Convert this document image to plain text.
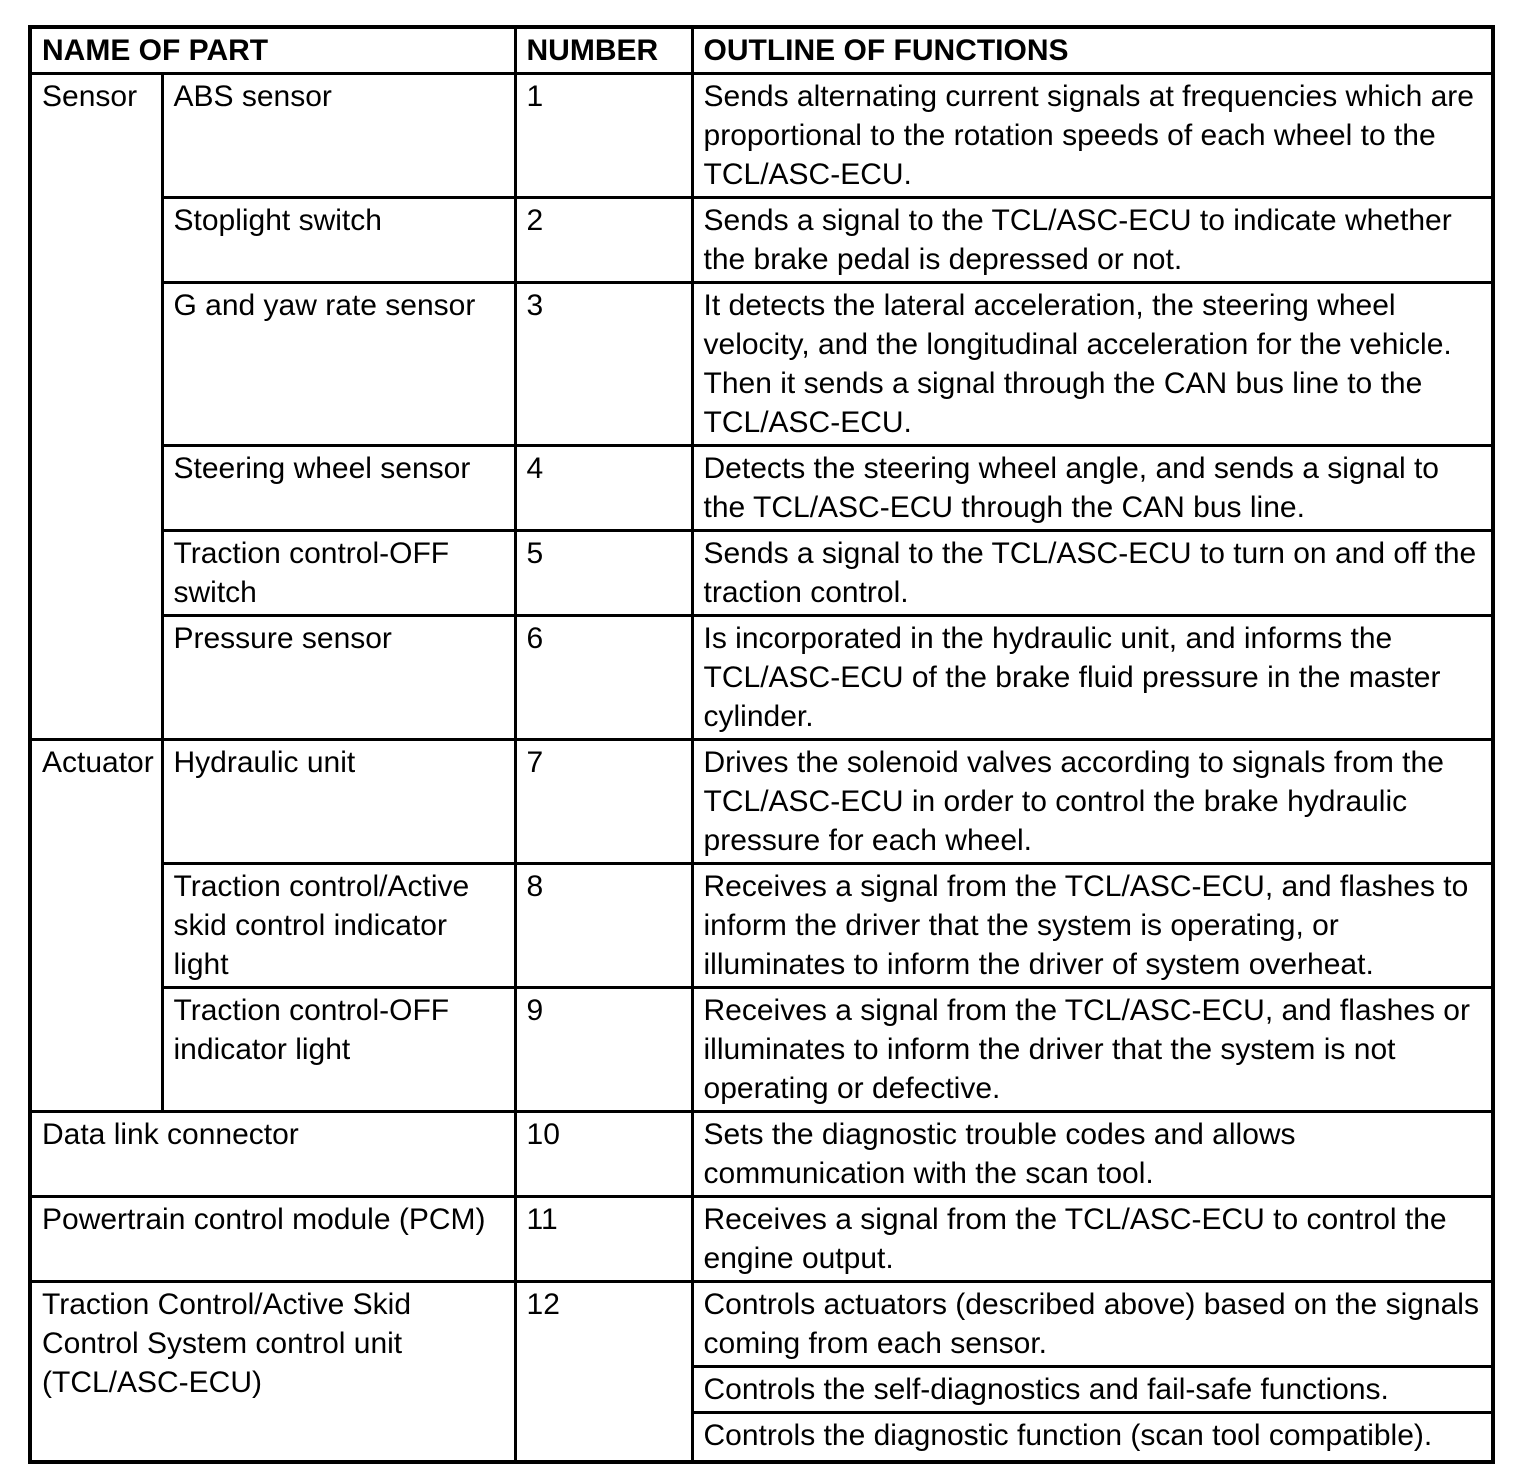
NAME OF PART		NUMBER	OUTLINE OF FUNCTIONS
Sensor	ABS sensor	1	Sends alternating current signals at frequencies which are proportional to the rotation speeds of each wheel to the TCL/ASC-ECU.
	Stoplight switch	2	Sends a signal to the TCL/ASC-ECU to indicate whether the brake pedal is depressed or not.
	G and yaw rate sensor	3	It detects the lateral acceleration, the steering wheel velocity, and the longitudinal acceleration for the vehicle. Then it sends a signal through the CAN bus line to the TCL/ASC-ECU.
	Steering wheel sensor	4	Detects the steering wheel angle, and sends a signal to the TCL/ASC-ECU through the CAN bus line.
	Traction control-OFF switch	5	Sends a signal to the TCL/ASC-ECU to turn on and off the traction control.
	Pressure sensor	6	Is incorporated in the hydraulic unit, and informs the TCL/ASC-ECU of the brake fluid pressure in the master cylinder.
Actuator	Hydraulic unit	7	Drives the solenoid valves according to signals from the TCL/ASC-ECU in order to control the brake hydraulic pressure for each wheel.
	Traction control/Active skid control indicator light	8	Receives a signal from the TCL/ASC-ECU, and flashes to inform the driver that the system is operating, or illuminates to inform the driver of system overheat.
	Traction control-OFF indicator light	9	Receives a signal from the TCL/ASC-ECU, and flashes or illuminates to inform the driver that the system is not operating or defective.
Data link connector		10	Sets the diagnostic trouble codes and allows communication with the scan tool.
Powertrain control module (PCM)		11	Receives a signal from the TCL/ASC-ECU to control the engine output.
Traction Control/Active Skid Control System control unit (TCL/ASC-ECU)		12	Controls actuators (described above) based on the signals coming from each sensor.
			Controls the self-diagnostics and fail-safe functions.
			Controls the diagnostic function (scan tool compatible).
